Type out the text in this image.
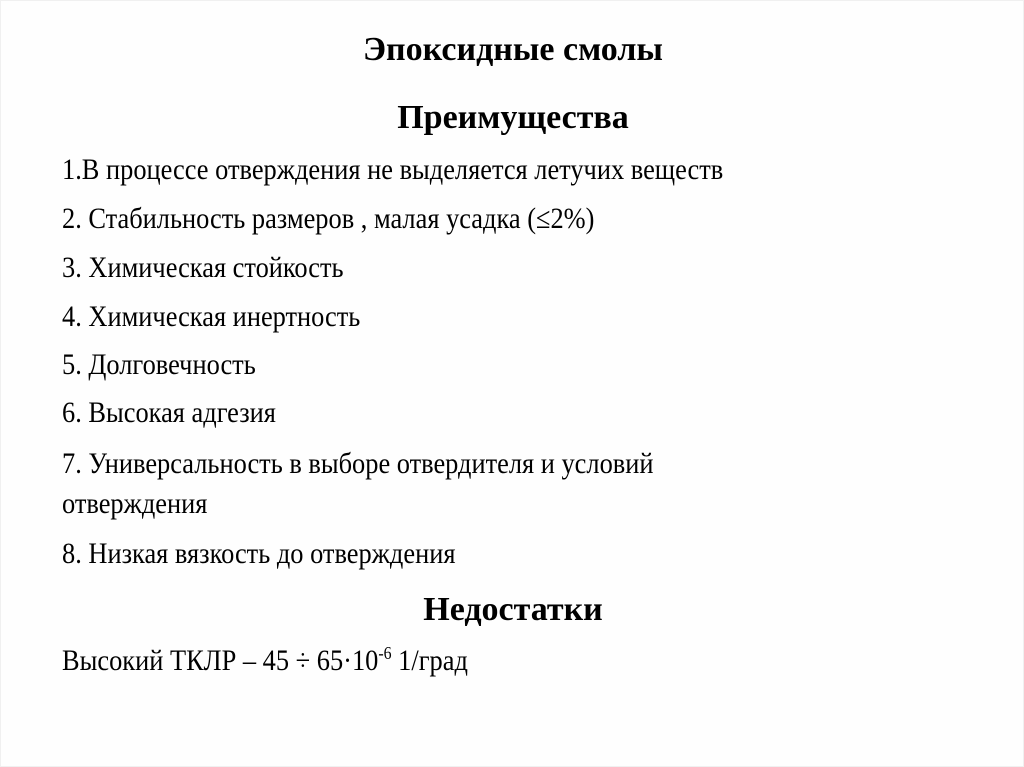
Эпоксидные смолы
Преимущества
1.В процессе отверждения не выделяется летучих веществ
2. Стабильность размеров , малая усадка (≤2%)
3. Химическая стойкость
4. Химическая инертность
5. Долговечность
6. Высокая адгезия
7. Универсальность в выборе отвердителя и условий
отверждения
8. Низкая вязкость до отверждения
Недостатки
Высокий ТКЛР – $45 \div 65\cdot 10^{-6}$ 1/град
